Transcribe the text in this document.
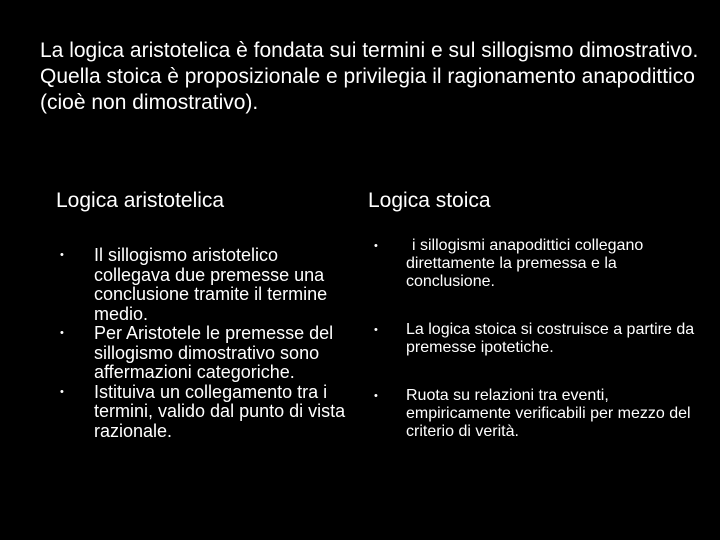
La logica aristotelica è fondata sui termini e sul sillogismo dimostrativo.

Quella stoica è proposizionale e privilegia il ragionamento anapodittico (cioè non dimostrativo).

Logica aristotelica	Logica stoica
• Il sillogismo aristotelico collegava due premesse una conclusione tramite il termine medio.
• Per Aristotele le premesse del sillogismo dimostrativo sono affermazioni categoriche.
• Istituiva un collegamento tra i termini, valido dal punto di vista razionale.
• i sillogismi anapodittici collegano direttamente la premessa e la conclusione.
• La logica stoica si costruisce a partire da premesse ipotetiche.
• Ruota su relazioni tra eventi, empiricamente verificabili per mezzo del criterio di verità.
